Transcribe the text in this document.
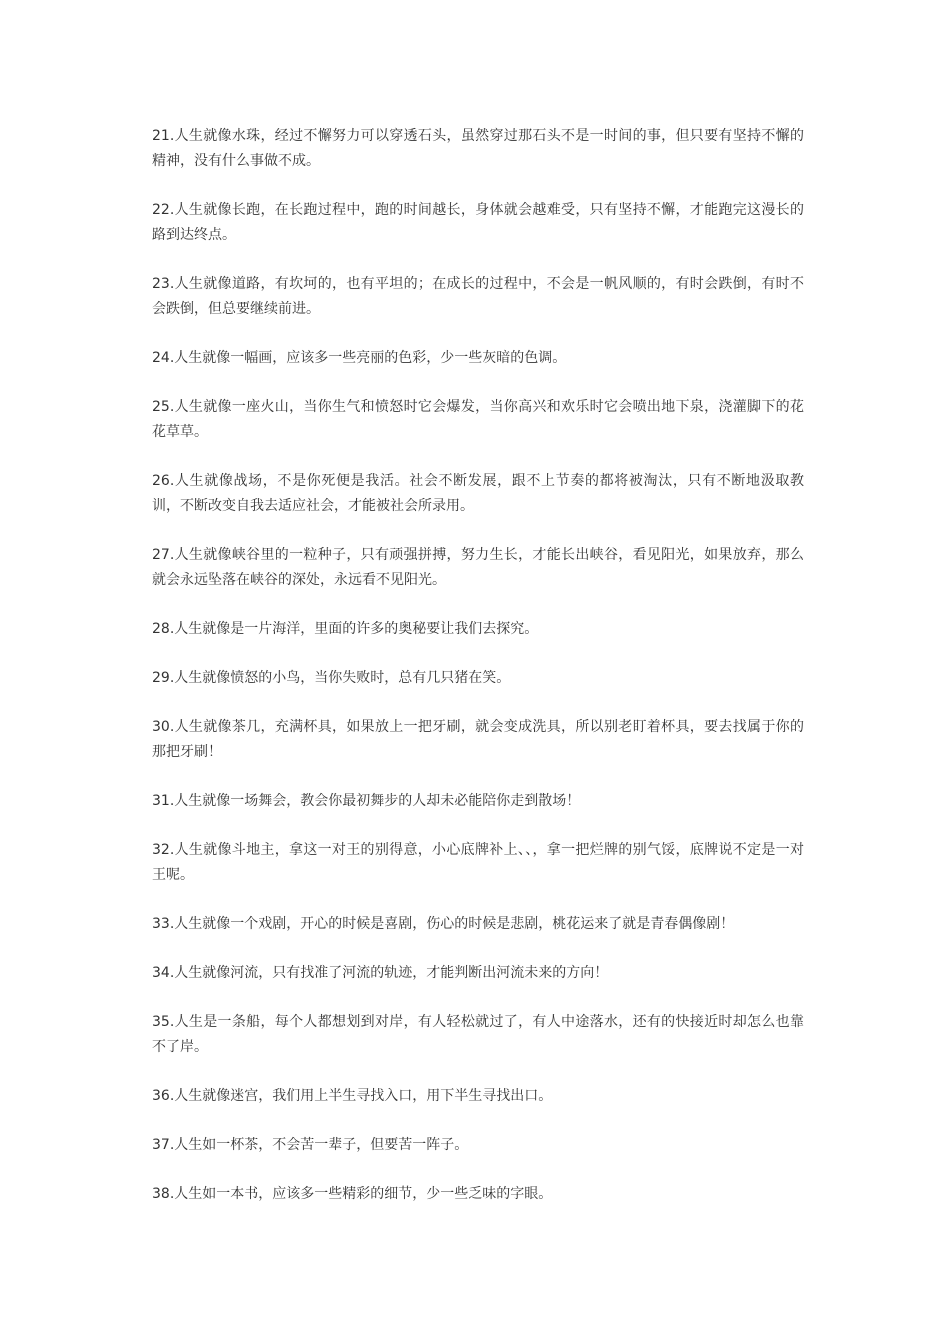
21.人生就像水珠，经过不懈努力可以穿透石头，虽然穿过那石头不是一时间的事，但只要有坚持不懈的精神，没有什么事做不成。

22.人生就像长跑，在长跑过程中，跑的时间越长，身体就会越难受，只有坚持不懈，才能跑完这漫长的路到达终点。

23.人生就像道路，有坎坷的，也有平坦的；在成长的过程中，不会是一帆风顺的，有时会跌倒，有时不会跌倒，但总要继续前进。

24.人生就像一幅画，应该多一些亮丽的色彩，少一些灰暗的色调。

25.人生就像一座火山，当你生气和愤怒时它会爆发，当你高兴和欢乐时它会喷出地下泉，浇灌脚下的花花草草。

26.人生就像战场，不是你死便是我活。社会不断发展，跟不上节奏的都将被淘汰，只有不断地汲取教训，不断改变自我去适应社会，才能被社会所录用。

27.人生就像峡谷里的一粒种子，只有顽强拼搏，努力生长，才能长出峡谷，看见阳光，如果放弃，那么就会永远坠落在峡谷的深处，永远看不见阳光。

28.人生就像是一片海洋，里面的许多的奥秘要让我们去探究。

29.人生就像愤怒的小鸟，当你失败时，总有几只猪在笑。

30.人生就像茶几，充满杯具，如果放上一把牙刷，就会变成洗具，所以别老盯着杯具，要去找属于你的那把牙刷！

31.人生就像一场舞会，教会你最初舞步的人却未必能陪你走到散场！

32.人生就像斗地主，拿这一对王的别得意，小心底牌补上、、，拿一把烂牌的别气馁，底牌说不定是一对王呢。

33.人生就像一个戏剧，开心的时候是喜剧，伤心的时候是悲剧，桃花运来了就是青春偶像剧！

34.人生就像河流，只有找准了河流的轨迹，才能判断出河流未来的方向！

35.人生是一条船，每个人都想划到对岸，有人轻松就过了，有人中途落水，还有的快接近时却怎么也靠不了岸。

36.人生就像迷宫，我们用上半生寻找入口，用下半生寻找出口。

37.人生如一杯茶，不会苦一辈子，但要苦一阵子。

38.人生如一本书，应该多一些精彩的细节，少一些乏味的字眼。
